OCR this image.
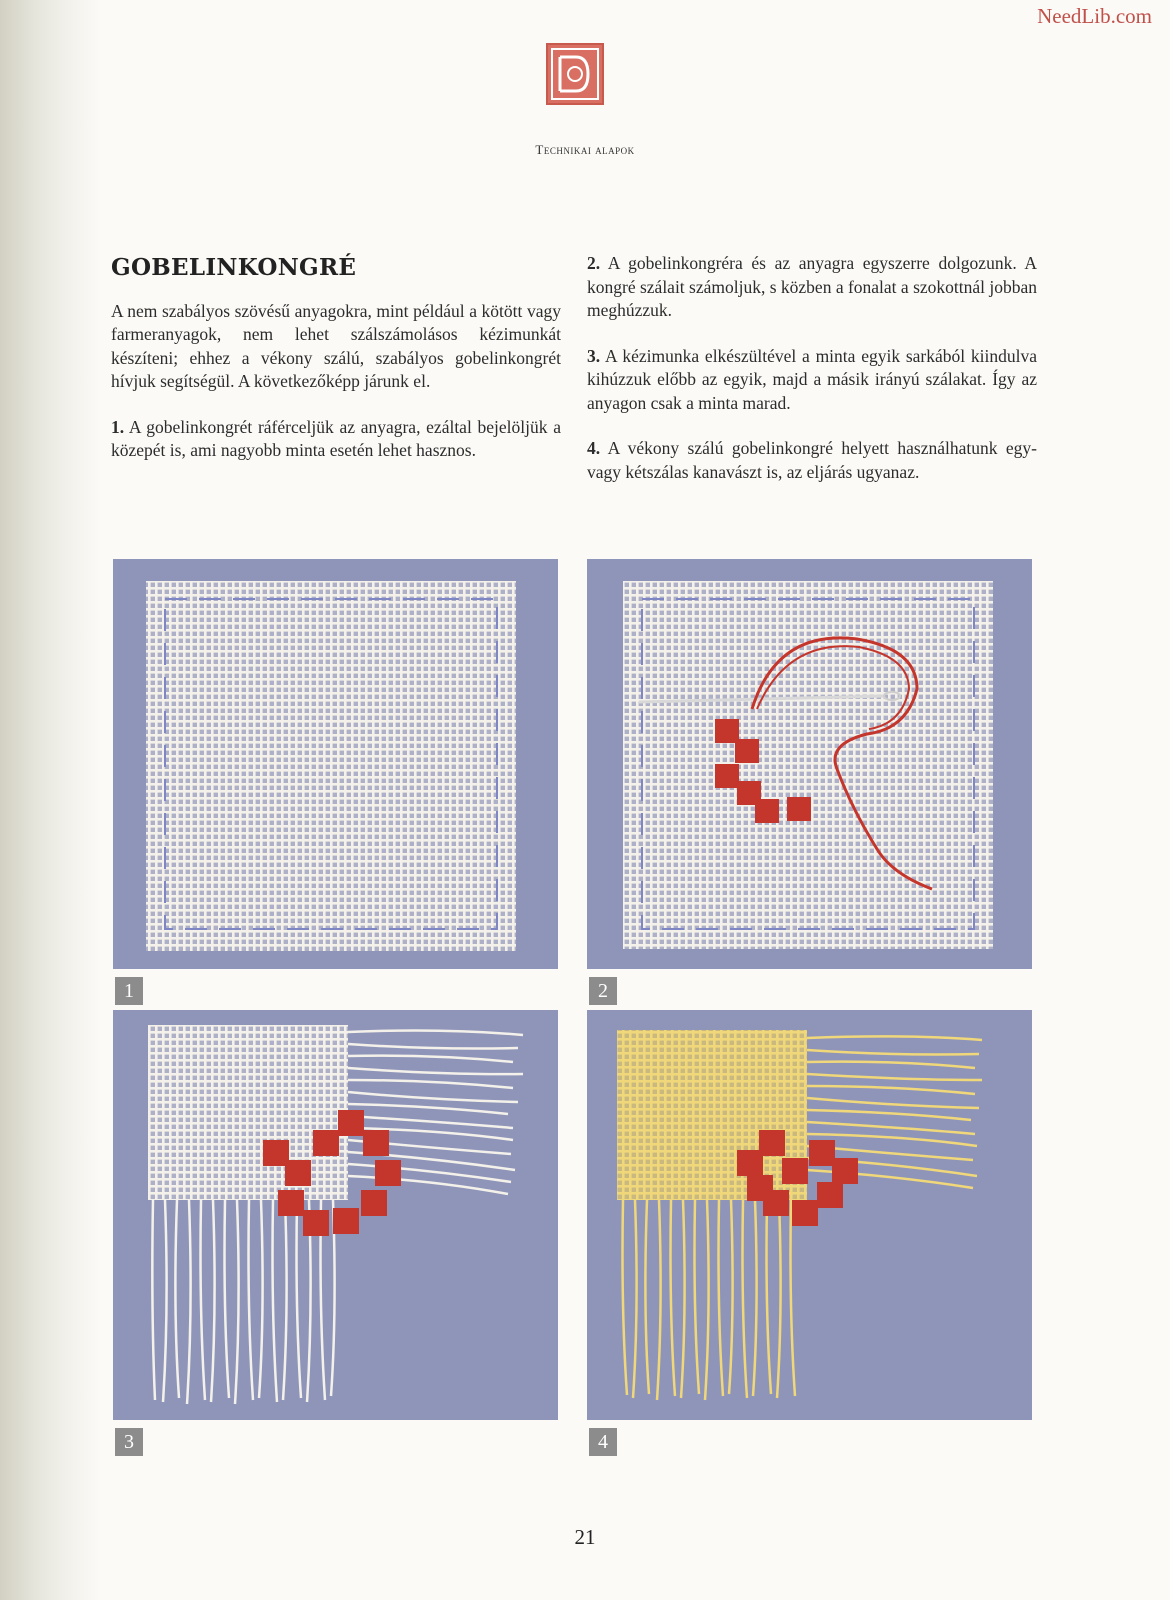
NeedLib.com
Technikai alapok
GOBELINKONGRÉ

A nem szabályos szövésű anyagokra, mint például a kötött vagy farmeranyagok, nem lehet szálszámolásos kézimunkát készíteni; ehhez a vékony szálú, szabályos gobelinkongrét hívjuk segítségül. A következőképp járunk el.

1. A gobelinkongrét ráférceljük az anyagra, ezáltal bejelöljük a közepét is, ami nagyobb minta esetén lehet hasznos.

2. A gobelinkongréra és az anyagra egyszerre dolgozunk. A kongré szálait számoljuk, s közben a fonalat a szokottnál jobban meghúzzuk.

3. A kézimunka elkészültével a minta egyik sarkából kiindulva kihúzzuk előbb az egyik, majd a másik irányú szálakat. Így az anyagon csak a minta marad.

4. A vékony szálú gobelinkongré helyett használhatunk egy- vagy kétszálas kanavászt is, az eljárás ugyanaz.

1	2
3	4
21
